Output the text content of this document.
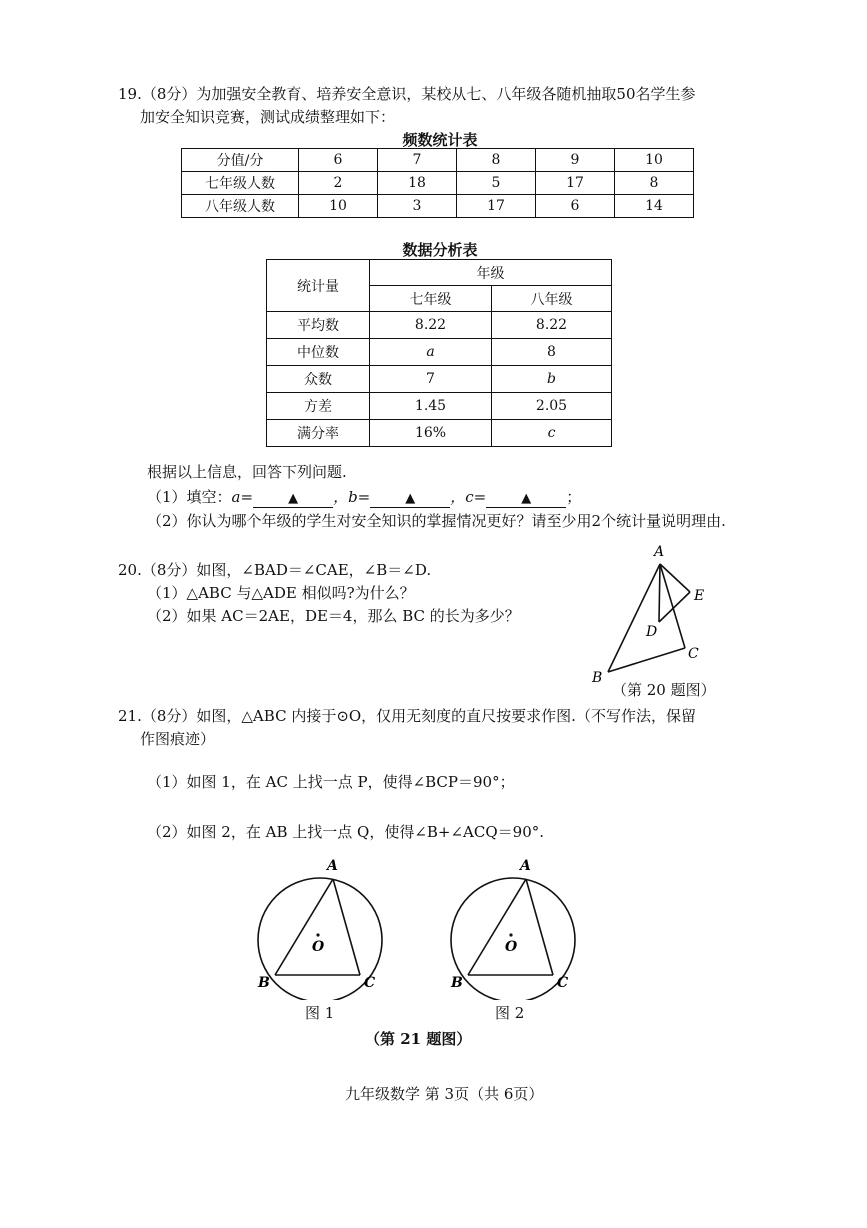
19.（8分）为加强安全教育、培养安全意识，某校从七、八年级各随机抽取50名学生参
加安全知识竞赛，测试成绩整理如下：
频数统计表
分值/分	6	7	8	9	10
七年级人数	2	18	5	17	8
八年级人数	10	3	17	6	14
数据分析表
统计量	年级	
	七年级	八年级
平均数	8.22	8.22
中位数	a	8
众数	7	b
方差	1.45	2.05
满分率	16%	c
根据以上信息，回答下列问题.
（1）填空：a=	▲ ，b=	▲ ，c=	▲ ；
（2）你认为哪个年级的学生对安全知识的掌握情况更好？请至少用2个统计量说明理由.
20.（8分）如图，∠BAD＝∠CAE，∠B＝∠D.
（1）△ABC 与△ADE 相似吗?为什么？
（2）如果 AC＝2AE，DE＝4，那么 BC 的长为多少？
A
B
C
D
E
（第 20 题图）
21.（8分）如图，△ABC 内接于⊙O，仅用无刻度的直尺按要求作图.（不写作法，保留
作图痕迹）
（1）如图 1，在 AC 上找一点 P，使得∠BCP＝90°；
（2）如图 2，在 AB 上找一点 Q，使得∠B+∠ACQ＝90°.
A
B	C
O
图 1
A
B	C
O
图 2
（第 21 题图）
九年级数学 第 3页（共 6页）
